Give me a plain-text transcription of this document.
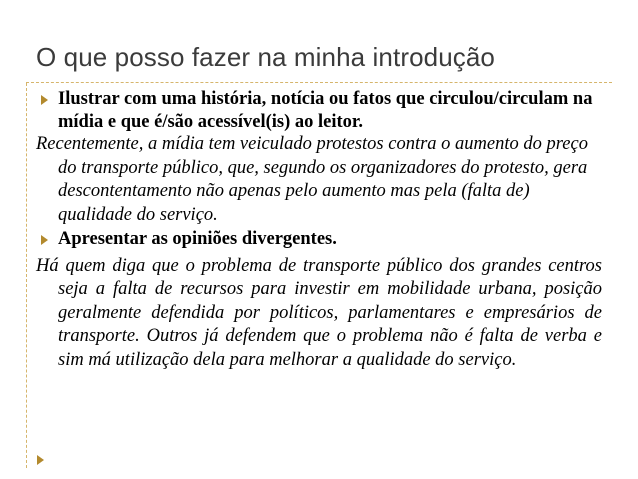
O que posso fazer na minha introdução
Ilustrar com uma história, notícia ou fatos que circulou/circulam na mídia e que é/são acessível(is) ao leitor.

Recentemente, a mídia tem veiculado protestos contra o aumento do preço do transporte público, que, segundo os organizadores do protesto, gera descontentamento não apenas pelo aumento mas pela (falta de) qualidade do serviço.

Apresentar as opiniões divergentes.

Há quem diga que o problema de transporte público dos grandes centros seja a falta de recursos para investir em mobilidade urbana, posição geralmente defendida por políticos, parlamentares e empresários de transporte. Outros já defendem que o problema não é falta de verba e sim má utilização dela para melhorar a qualidade do serviço.
